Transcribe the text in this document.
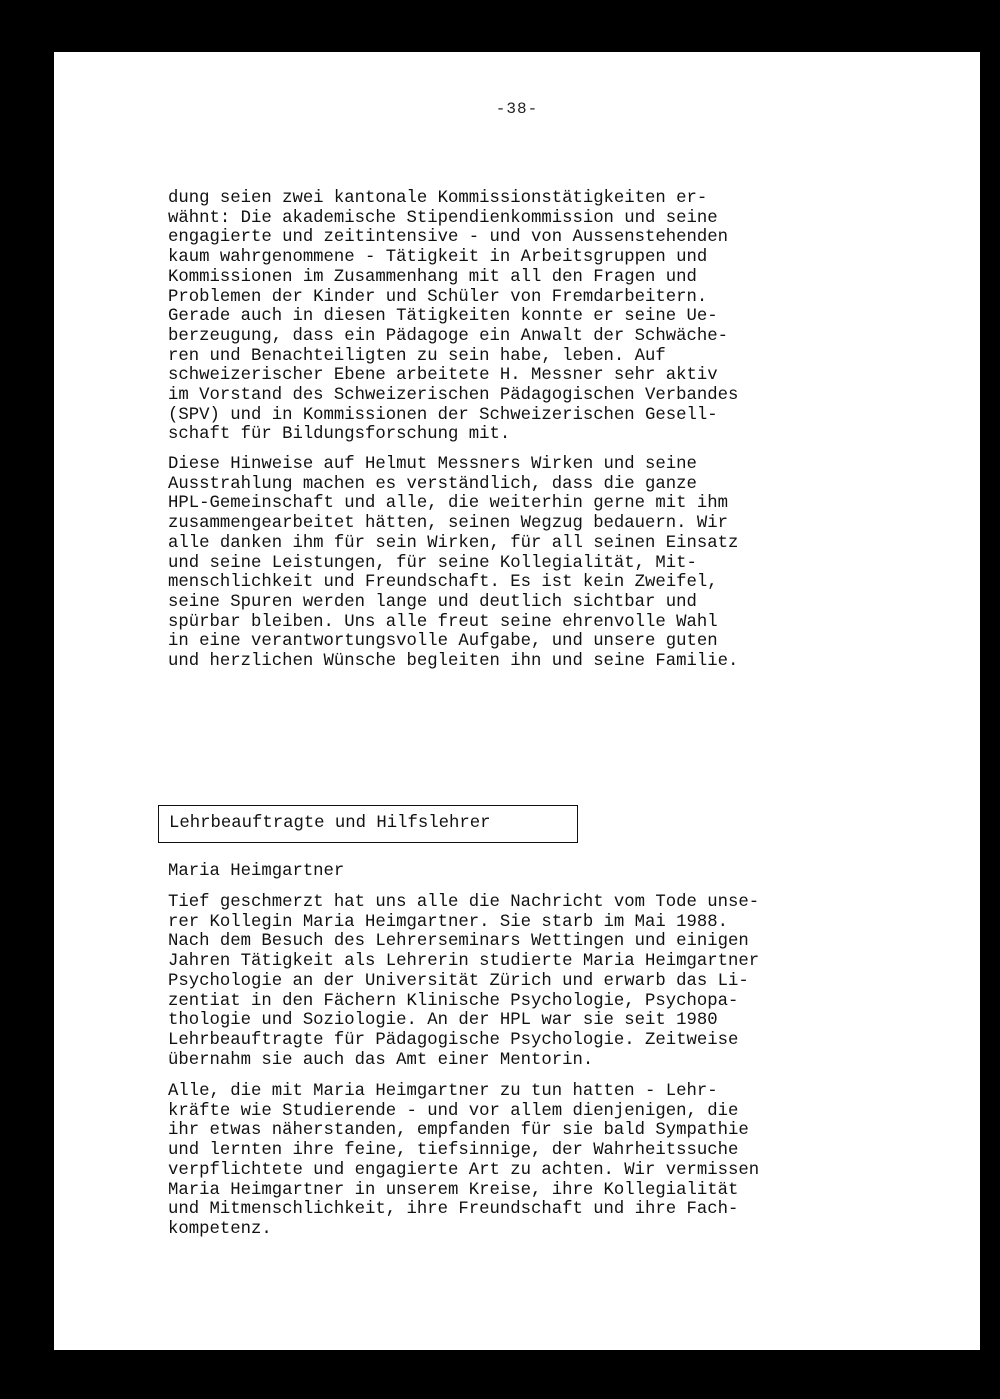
-38-

dung seien zwei kantonale Kommissionstätigkeiten er-
wähnt: Die akademische Stipendienkommission und seine
engagierte und zeitintensive - und von Aussenstehenden
kaum wahrgenommene - Tätigkeit in Arbeitsgruppen und
Kommissionen im Zusammenhang mit all den Fragen und
Problemen der Kinder und Schüler von Fremdarbeitern.
Gerade auch in diesen Tätigkeiten konnte er seine Ue-
berzeugung, dass ein Pädagoge ein Anwalt der Schwäche-
ren und Benachteiligten zu sein habe, leben. Auf
schweizerischer Ebene arbeitete H. Messner sehr aktiv
im Vorstand des Schweizerischen Pädagogischen Verbandes
(SPV) und in Kommissionen der Schweizerischen Gesell-
schaft für Bildungsforschung mit.

Diese Hinweise auf Helmut Messners Wirken und seine
Ausstrahlung machen es verständlich, dass die ganze
HPL-Gemeinschaft und alle, die weiterhin gerne mit ihm
zusammengearbeitet hätten, seinen Wegzug bedauern. Wir
alle danken ihm für sein Wirken, für all seinen Einsatz
und seine Leistungen, für seine Kollegialität, Mit-
menschlichkeit und Freundschaft. Es ist kein Zweifel,
seine Spuren werden lange und deutlich sichtbar und
spürbar bleiben. Uns alle freut seine ehrenvolle Wahl
in eine verantwortungsvolle Aufgabe, und unsere guten
und herzlichen Wünsche begleiten ihn und seine Familie.

Lehrbeauftragte und Hilfslehrer
Maria Heimgartner

Tief geschmerzt hat uns alle die Nachricht vom Tode unse-
rer Kollegin Maria Heimgartner. Sie starb im Mai 1988.
Nach dem Besuch des Lehrerseminars Wettingen und einigen
Jahren Tätigkeit als Lehrerin studierte Maria Heimgartner
Psychologie an der Universität Zürich und erwarb das Li-
zentiat in den Fächern Klinische Psychologie, Psychopa-
thologie und Soziologie. An der HPL war sie seit 1980
Lehrbeauftragte für Pädagogische Psychologie. Zeitweise
übernahm sie auch das Amt einer Mentorin.

Alle, die mit Maria Heimgartner zu tun hatten - Lehr-
kräfte wie Studierende - und vor allem dienjenigen, die
ihr etwas näherstanden, empfanden für sie bald Sympathie
und lernten ihre feine, tiefsinnige, der Wahrheitssuche
verpflichtete und engagierte Art zu achten. Wir vermissen
Maria Heimgartner in unserem Kreise, ihre Kollegialität
und Mitmenschlichkeit, ihre Freundschaft und ihre Fach-
kompetenz.
